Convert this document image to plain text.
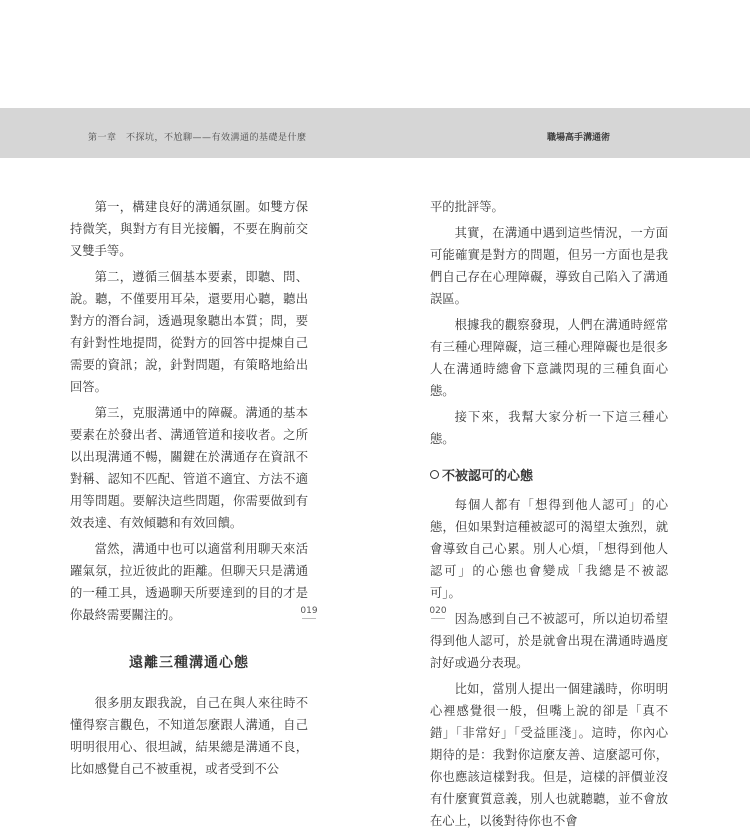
第一章　不探坑，不尬聊——有效溝通的基礎是什麼	職場高手溝通術

第一，構建良好的溝通氛圍。如雙方保持微笑，與對方有目光接觸，不要在胸前交叉雙手等。

第二，遵循三個基本要素，即聽、問、說。聽，不僅要用耳朵，還要用心聽，聽出對方的潛台詞，透過現象聽出本質；問，要有針對性地提問，從對方的回答中提煉自己需要的資訊；說，針對問題，有策略地給出回答。

第三，克服溝通中的障礙。溝通的基本要素在於發出者、溝通管道和接收者。之所以出現溝通不暢，關鍵在於溝通存在資訊不對稱、認知不匹配、管道不適宜、方法不適用等問題。要解決這些問題，你需要做到有效表達、有效傾聽和有效回饋。

當然，溝通中也可以適當利用聊天來活躍氣氛，拉近彼此的距離。但聊天只是溝通的一種工具，透過聊天所要達到的目的才是你最終需要關注的。

遠離三種溝通心態

很多朋友跟我說，自己在與人來往時不懂得察言觀色，不知道怎麼跟人溝通，自己明明很用心、很坦誠，結果總是溝通不良，比如感覺自己不被重視，或者受到不公

019

平的批評等。

其實，在溝通中遇到這些情況，一方面可能確實是對方的問題，但另一方面也是我們自己存在心理障礙，導致自己陷入了溝通誤區。

根據我的觀察發現，人們在溝通時經常有三種心理障礙，這三種心理障礙也是很多人在溝通時總會下意識閃現的三種負面心態。

接下來，我幫大家分析一下這三種心態。

不被認可的心態

每個人都有「想得到他人認可」的心態，但如果對這種被認可的渴望太強烈，就會導致自己心累。別人心煩，「想得到他人認可」的心態也會變成「我總是不被認可」。

因為感到自己不被認可，所以迫切希望得到他人認可，於是就會出現在溝通時過度討好或過分表現。

比如，當別人提出一個建議時，你明明心裡感覺很一般，但嘴上說的卻是「真不錯」「非常好」「受益匪淺」。這時，你內心期待的是：我對你這麼友善、這麼認可你，你也應該這樣對我。但是，這樣的評價並沒有什麼實質意義，別人也就聽聽，並不會放在心上，以後對待你也不會

020
